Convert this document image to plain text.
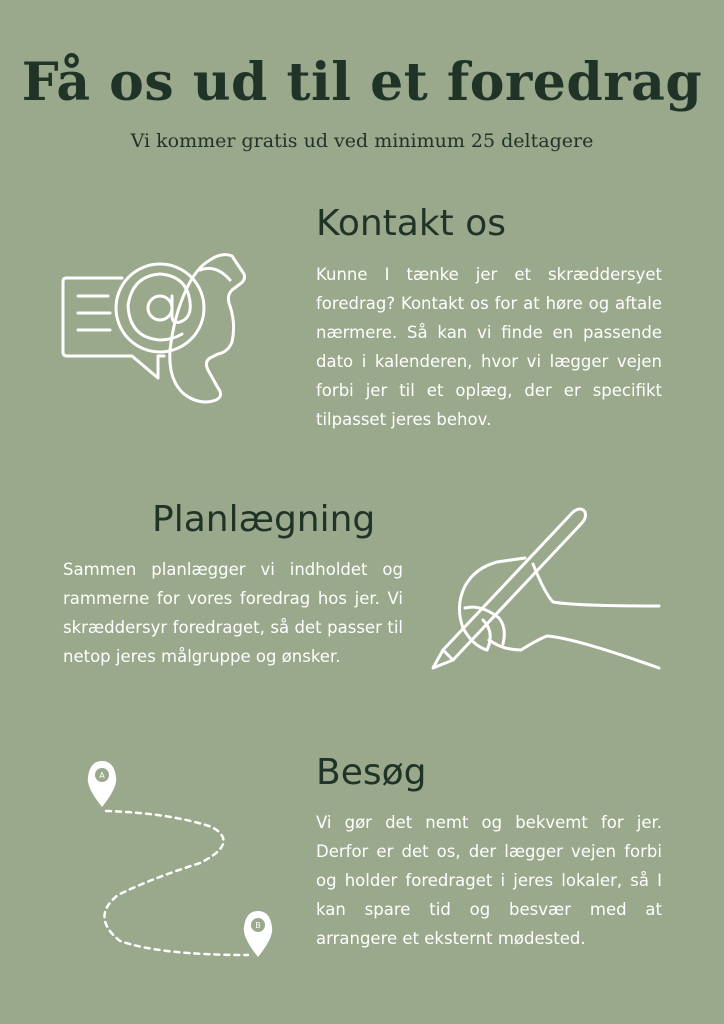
Få os ud til et foredrag

Vi kommer gratis ud ved minimum 25 deltagere

Kontakt os

Kunne I tænke jer et skræddersyet foredrag? Kontakt os for at høre og aftale nærmere. Så kan vi finde en passende dato i kalenderen, hvor vi lægger vejen forbi jer til et oplæg, der er specifikt tilpasset jeres behov.

Planlægning

Sammen planlægger vi indholdet og rammerne for vores foredrag hos jer. Vi skræddersyr foredraget, så det passer til netop jeres målgruppe og ønsker.

A
B
Besøg

Vi gør det nemt og bekvemt for jer. Derfor er det os, der lægger vejen forbi og holder foredraget i jeres lokaler, så I kan spare tid og besvær med at arrangere et eksternt mødested.
